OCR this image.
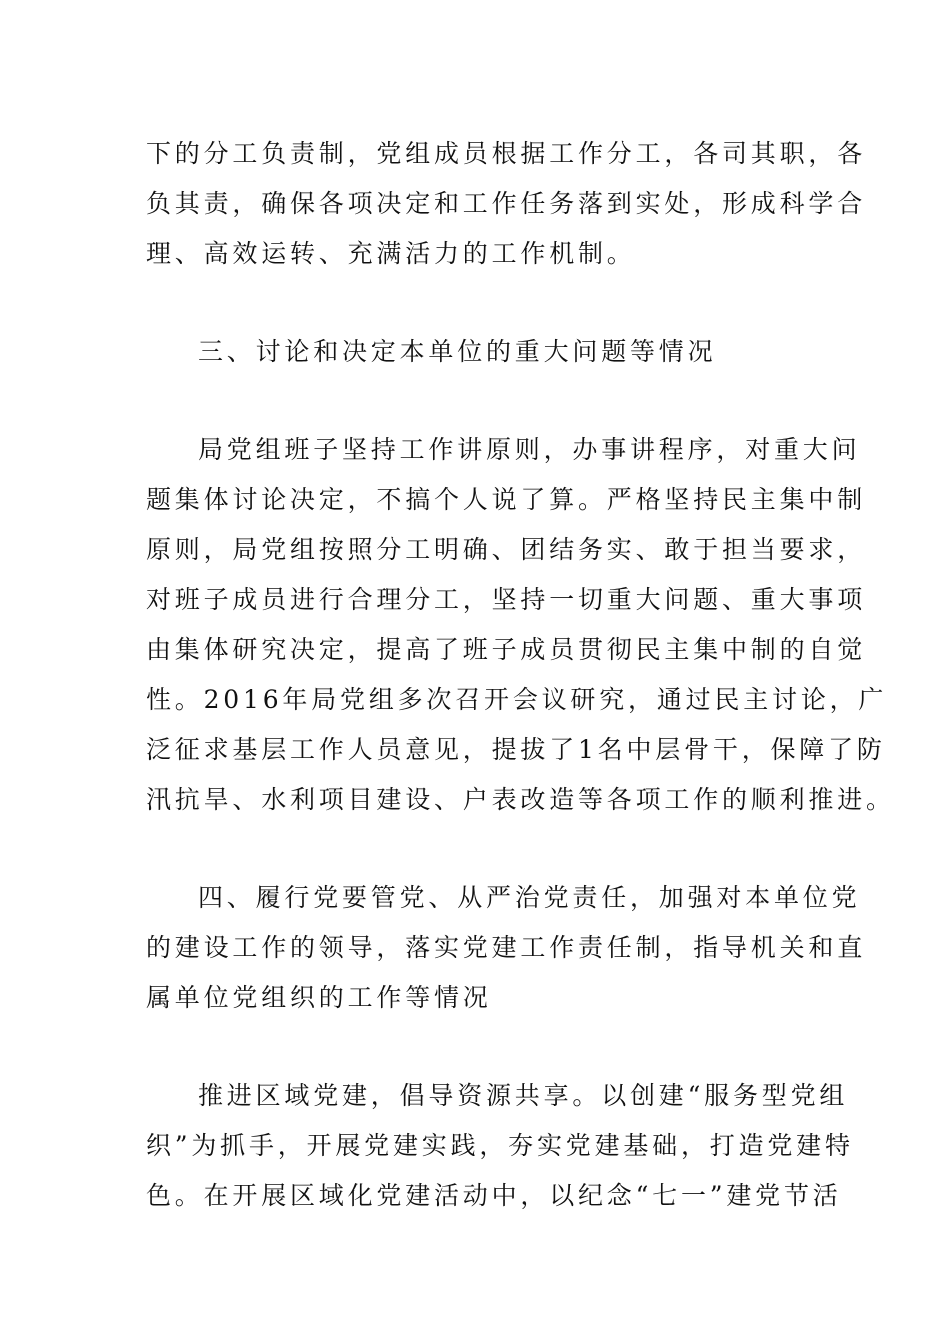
下的分工负责制，党组成员根据工作分工，各司其职，各
负其责，确保各项决定和工作任务落到实处，形成科学合
理、高效运转、充满活力的工作机制。
三、讨论和决定本单位的重大问题等情况
局党组班子坚持工作讲原则，办事讲程序，对重大问
题集体讨论决定，不搞个人说了算。严格坚持民主集中制
原则，局党组按照分工明确、团结务实、敢于担当要求，
对班子成员进行合理分工，坚持一切重大问题、重大事项
由集体研究决定，提高了班子成员贯彻民主集中制的自觉
性。2016年局党组多次召开会议研究，通过民主讨论，广
泛征求基层工作人员意见，提拔了1名中层骨干，保障了防
汛抗旱、水利项目建设、户表改造等各项工作的顺利推进。
四、履行党要管党、从严治党责任，加强对本单位党
的建设工作的领导，落实党建工作责任制，指导机关和直
属单位党组织的工作等情况
推进区域党建，倡导资源共享。以创建“服务型党组
织”为抓手，开展党建实践，夯实党建基础，打造党建特
色。在开展区域化党建活动中，以纪念“七一”建党节活
